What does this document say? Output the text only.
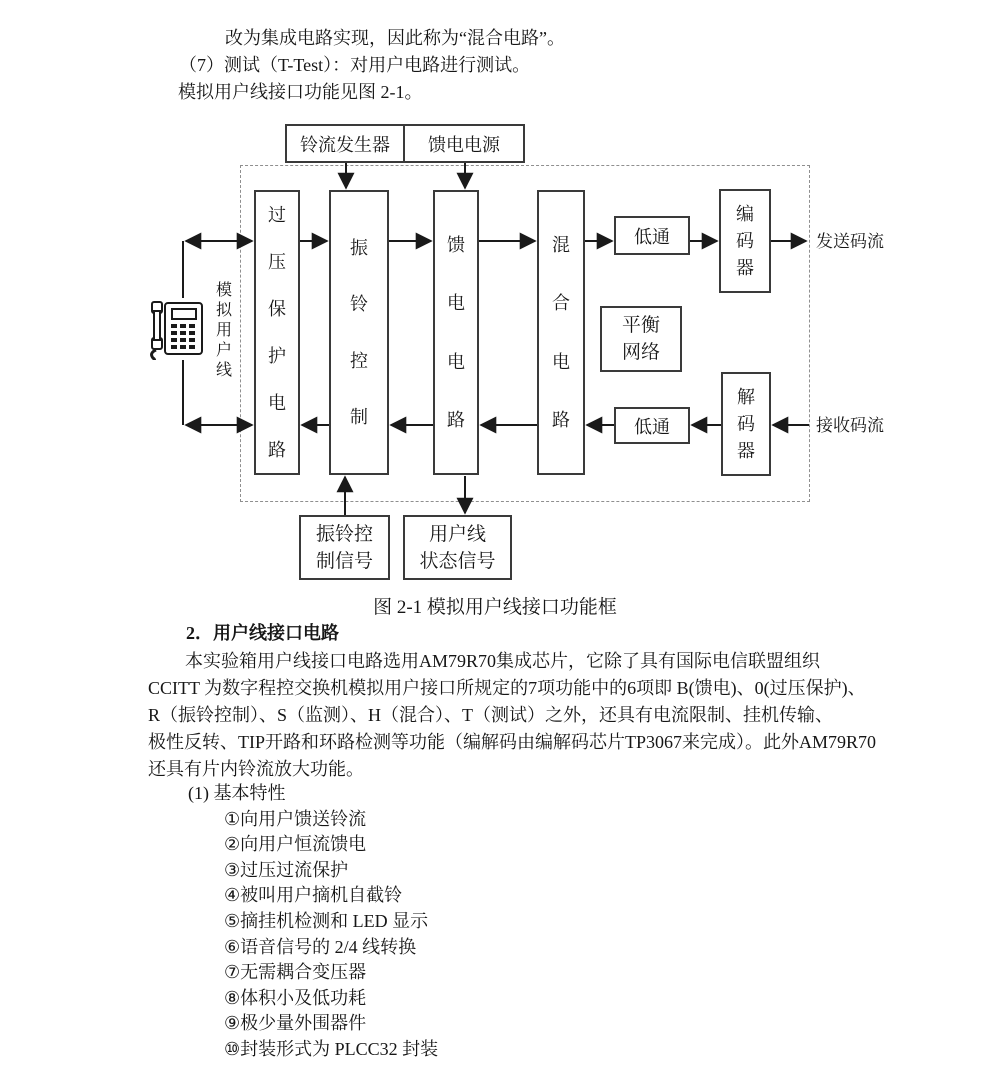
改为集成电路实现，因此称为“混合电路”。
（7）测试（T-Test）：对用户电路进行测试。
模拟用户线接口功能见图 2-1。
铃流发生器 馈电电源
过
压
保
护
电
路
振
铃
控
制
馈
电
电
路
混
合
电
路
低通
编
码
器
平衡
网络
低通
解
码
器
振铃控
制信号
用户线
状态信号
模
拟
用
户
线
发送码流
接收码流
图 2-1 模拟用户线接口功能框
2．用户线接口电路
本实验箱用户线接口电路选用AM79R70集成芯片，它除了具有国际电信联盟组织
CCITT 为数字程控交换机模拟用户接口所规定的7项功能中的6项即 B(馈电)、0(过压保护)、
R（振铃控制）、S（监测）、H（混合）、T（测试）之外，还具有电流限制、挂机传输、
极性反转、TIP开路和环路检测等功能（编解码由编解码芯片TP3067来完成）。此外AM79R70
还具有片内铃流放大功能。
(1) 基本特性
①向用户馈送铃流
②向用户恒流馈电
③过压过流保护
④被叫用户摘机自截铃
⑤摘挂机检测和 LED 显示
⑥语音信号的 2/4 线转换
⑦无需耦合变压器
⑧体积小及低功耗
⑨极少量外围器件
⑩封装形式为 PLCC32 封装
